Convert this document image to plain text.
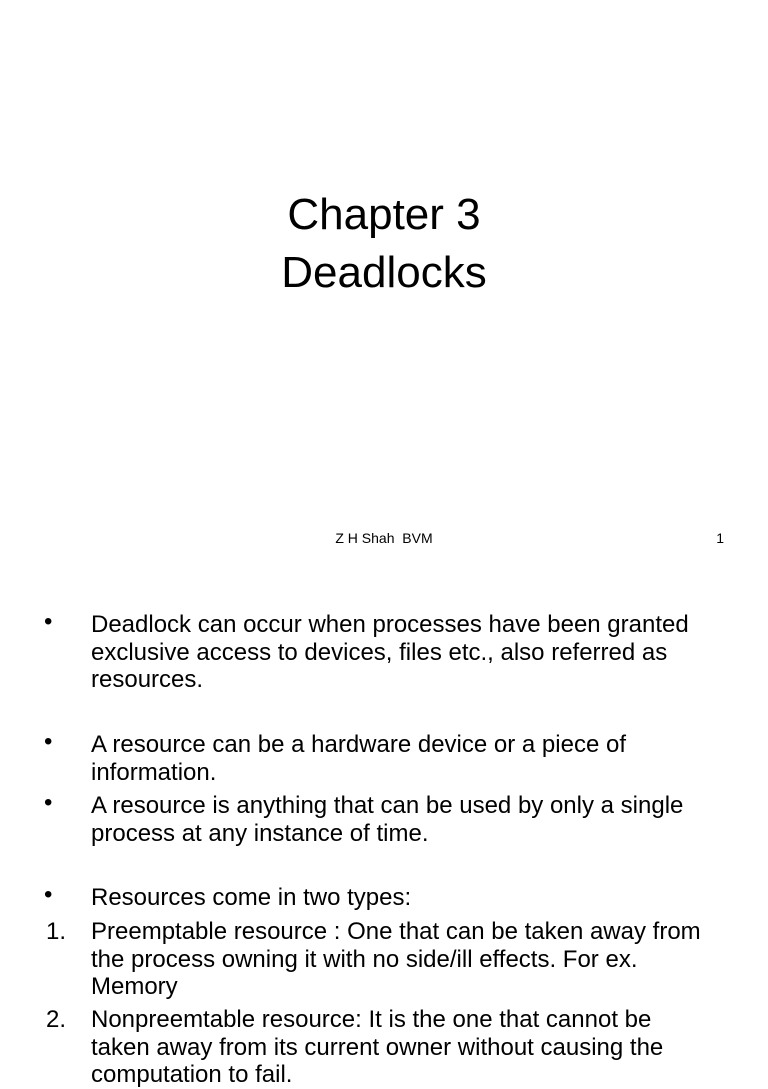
Chapter 3
Deadlocks
Z H Shah  BVM	1
• Deadlock can occur when processes have been granted exclusive access to devices, files etc., also referred as resources.
• A resource can be a hardware device or a piece of information.
• A resource is anything that can be used by only a single process at any instance of time.
• Resources come in two types:
1. Preemptable resource : One that can be taken away from the process owning it with no side/ill effects. For ex. Memory
2. Nonpreemtable resource: It is the one that cannot be taken away from its current owner without causing the computation to fail.
